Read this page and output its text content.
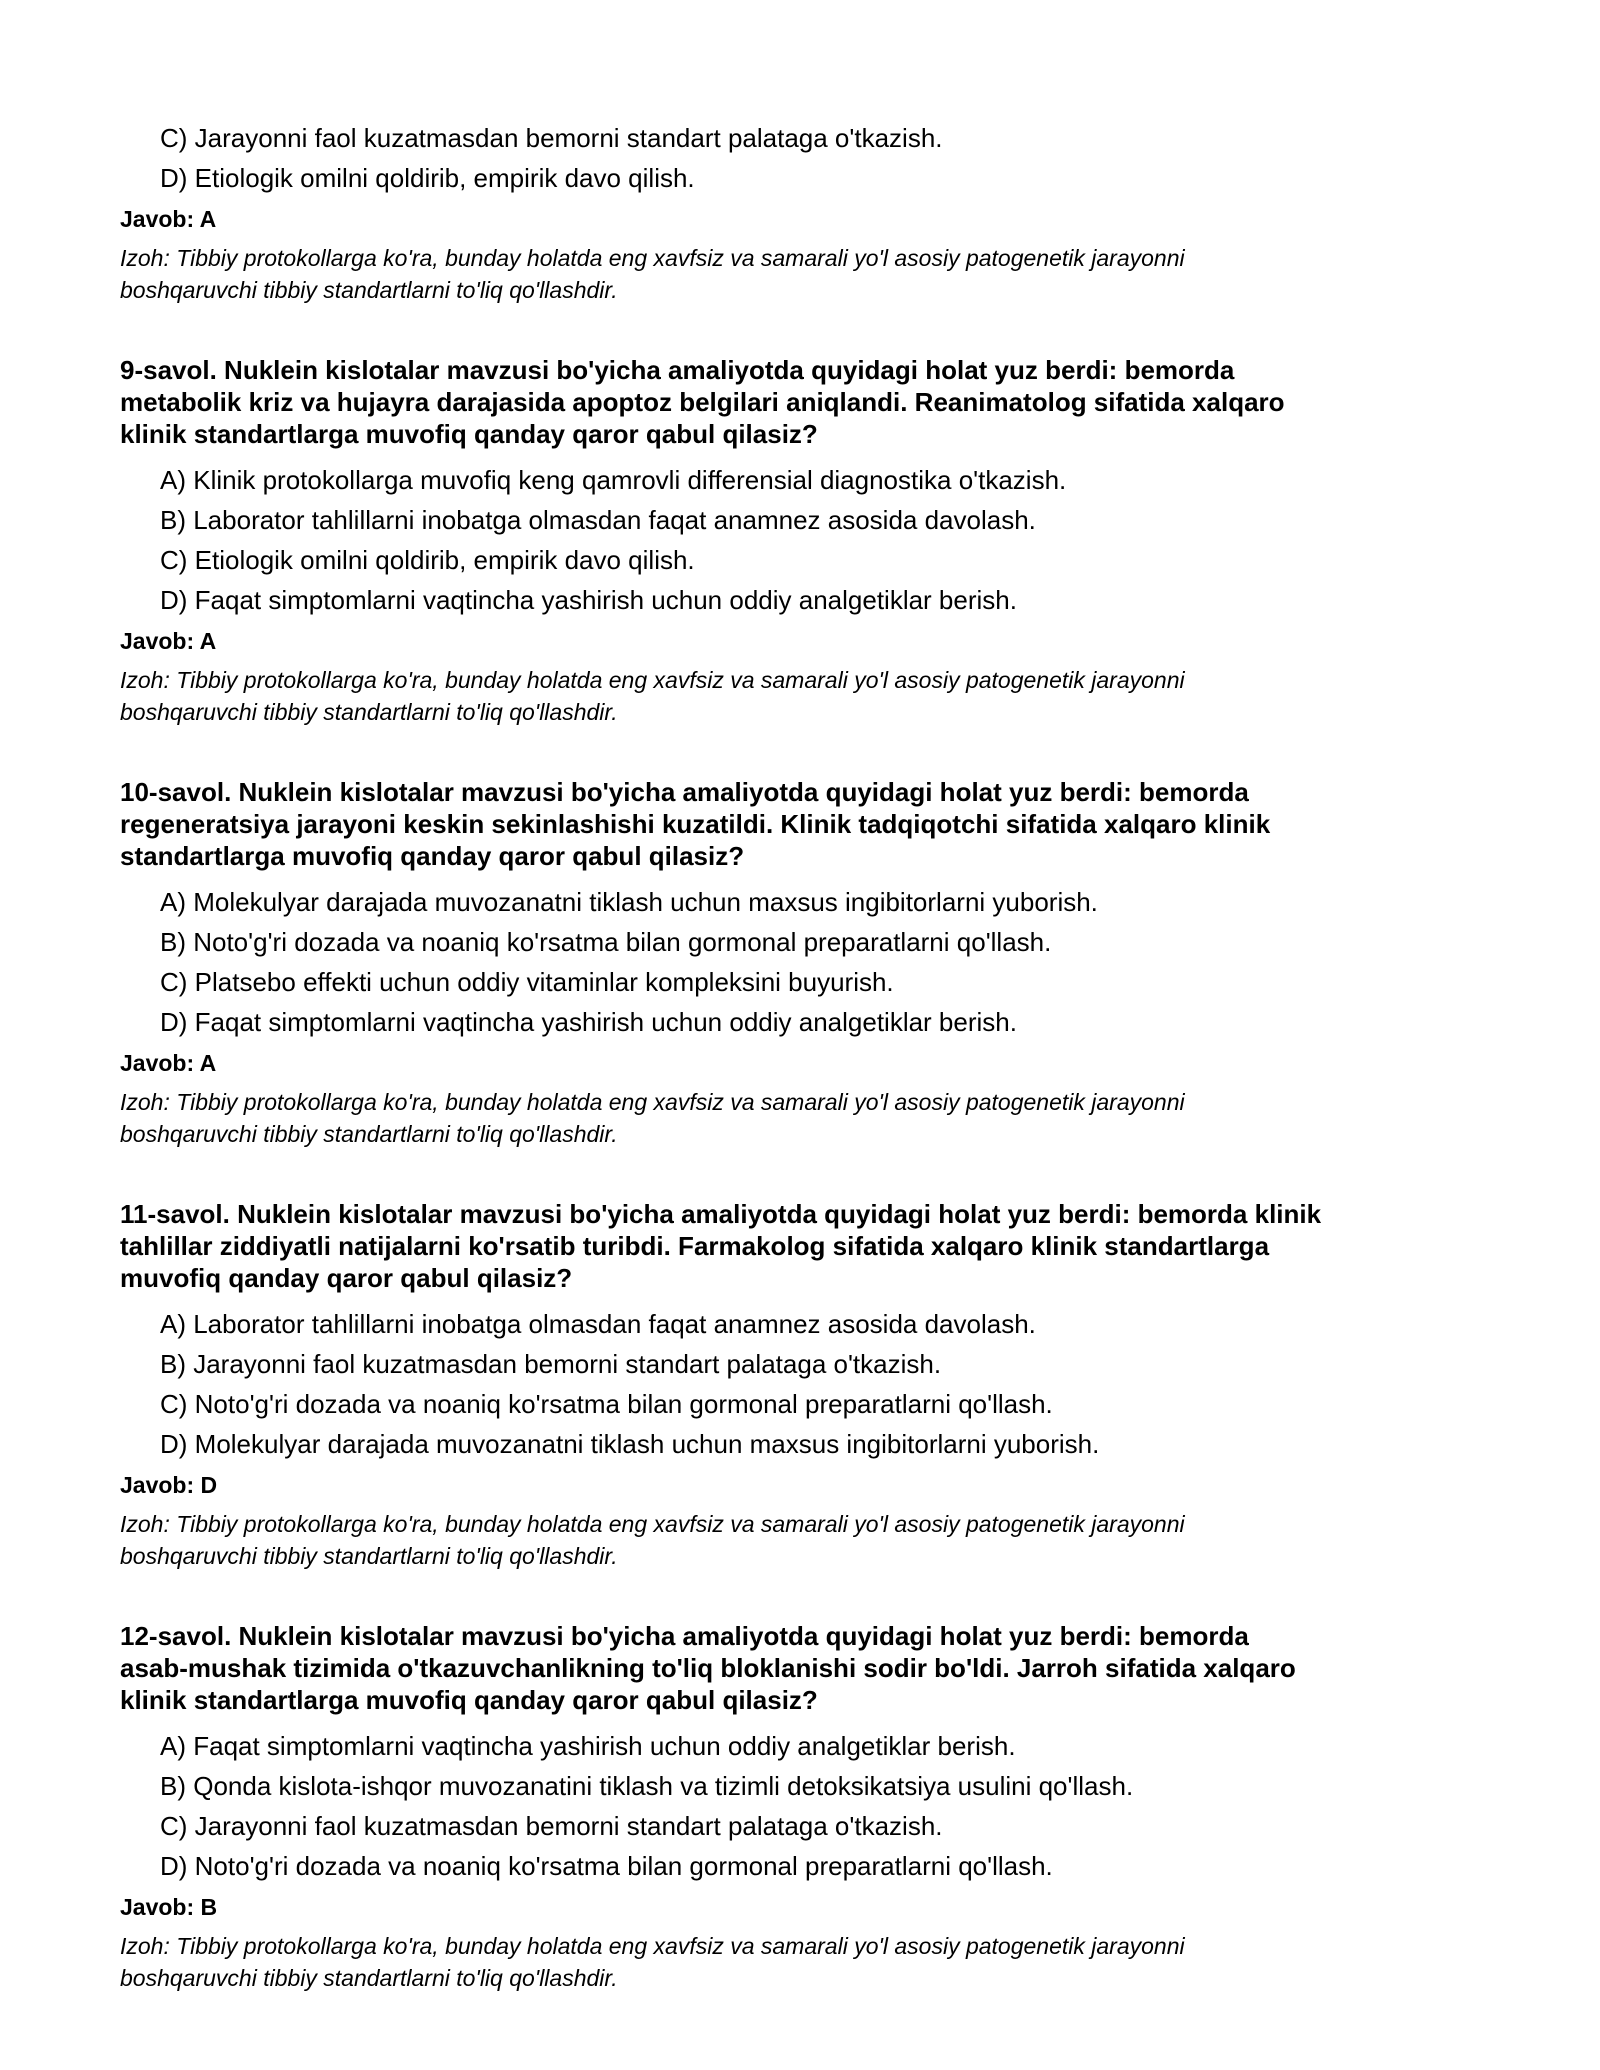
C) Jarayonni faol kuzatmasdan bemorni standart palataga o'tkazish.
D) Etiologik omilni qoldirib, empirik davo qilish.
Javob: A
Izoh: Tibbiy protokollarga ko'ra, bunday holatda eng xavfsiz va samarali yo'l asosiy patogenetik jarayonni
boshqaruvchi tibbiy standartlarni to'liq qo'llashdir.
9-savol. Nuklein kislotalar mavzusi bo'yicha amaliyotda quyidagi holat yuz berdi: bemorda
metabolik kriz va hujayra darajasida apoptoz belgilari aniqlandi. Reanimatolog sifatida xalqaro
klinik standartlarga muvofiq qanday qaror qabul qilasiz?
A) Klinik protokollarga muvofiq keng qamrovli differensial diagnostika o'tkazish.
B) Laborator tahlillarni inobatga olmasdan faqat anamnez asosida davolash.
C) Etiologik omilni qoldirib, empirik davo qilish.
D) Faqat simptomlarni vaqtincha yashirish uchun oddiy analgetiklar berish.
Javob: A
Izoh: Tibbiy protokollarga ko'ra, bunday holatda eng xavfsiz va samarali yo'l asosiy patogenetik jarayonni
boshqaruvchi tibbiy standartlarni to'liq qo'llashdir.
10-savol. Nuklein kislotalar mavzusi bo'yicha amaliyotda quyidagi holat yuz berdi: bemorda
regeneratsiya jarayoni keskin sekinlashishi kuzatildi. Klinik tadqiqotchi sifatida xalqaro klinik
standartlarga muvofiq qanday qaror qabul qilasiz?
A) Molekulyar darajada muvozanatni tiklash uchun maxsus ingibitorlarni yuborish.
B) Noto'g'ri dozada va noaniq ko'rsatma bilan gormonal preparatlarni qo'llash.
C) Platsebo effekti uchun oddiy vitaminlar kompleksini buyurish.
D) Faqat simptomlarni vaqtincha yashirish uchun oddiy analgetiklar berish.
Javob: A
Izoh: Tibbiy protokollarga ko'ra, bunday holatda eng xavfsiz va samarali yo'l asosiy patogenetik jarayonni
boshqaruvchi tibbiy standartlarni to'liq qo'llashdir.
11-savol. Nuklein kislotalar mavzusi bo'yicha amaliyotda quyidagi holat yuz berdi: bemorda klinik
tahlillar ziddiyatli natijalarni ko'rsatib turibdi. Farmakolog sifatida xalqaro klinik standartlarga
muvofiq qanday qaror qabul qilasiz?
A) Laborator tahlillarni inobatga olmasdan faqat anamnez asosida davolash.
B) Jarayonni faol kuzatmasdan bemorni standart palataga o'tkazish.
C) Noto'g'ri dozada va noaniq ko'rsatma bilan gormonal preparatlarni qo'llash.
D) Molekulyar darajada muvozanatni tiklash uchun maxsus ingibitorlarni yuborish.
Javob: D
Izoh: Tibbiy protokollarga ko'ra, bunday holatda eng xavfsiz va samarali yo'l asosiy patogenetik jarayonni
boshqaruvchi tibbiy standartlarni to'liq qo'llashdir.
12-savol. Nuklein kislotalar mavzusi bo'yicha amaliyotda quyidagi holat yuz berdi: bemorda
asab-mushak tizimida o'tkazuvchanlikning to'liq bloklanishi sodir bo'ldi. Jarroh sifatida xalqaro
klinik standartlarga muvofiq qanday qaror qabul qilasiz?
A) Faqat simptomlarni vaqtincha yashirish uchun oddiy analgetiklar berish.
B) Qonda kislota-ishqor muvozanatini tiklash va tizimli detoksikatsiya usulini qo'llash.
C) Jarayonni faol kuzatmasdan bemorni standart palataga o'tkazish.
D) Noto'g'ri dozada va noaniq ko'rsatma bilan gormonal preparatlarni qo'llash.
Javob: B
Izoh: Tibbiy protokollarga ko'ra, bunday holatda eng xavfsiz va samarali yo'l asosiy patogenetik jarayonni
boshqaruvchi tibbiy standartlarni to'liq qo'llashdir.
